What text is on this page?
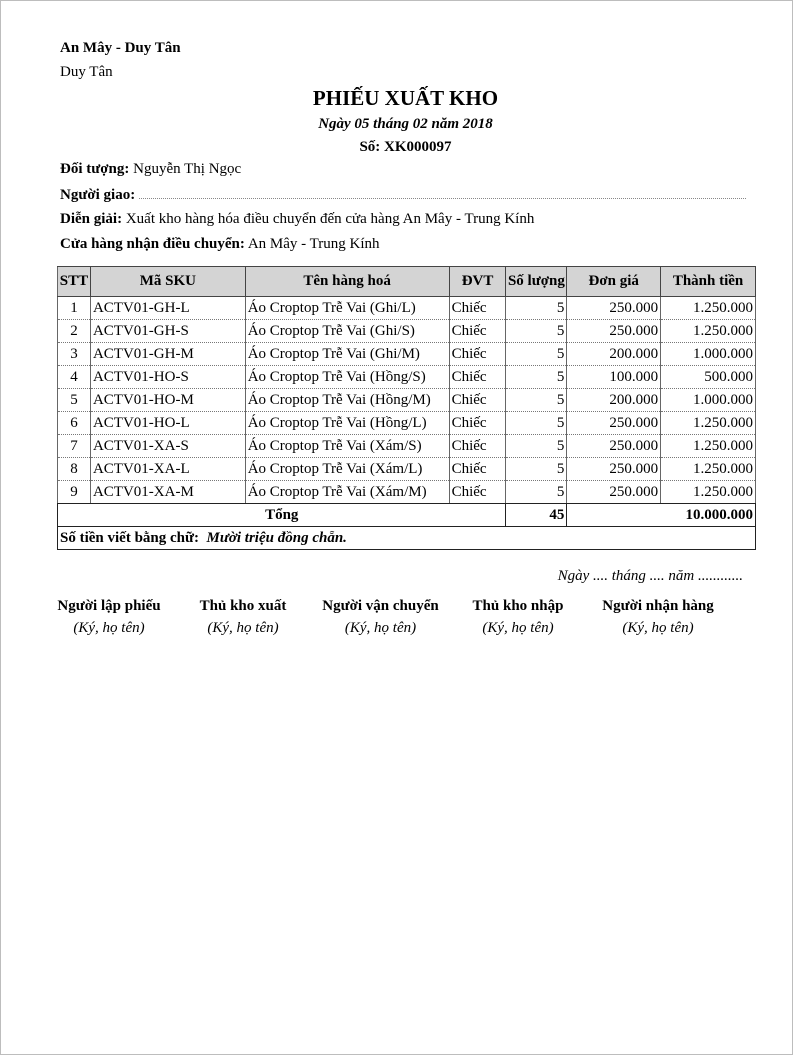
An Mây - Duy Tân
Duy Tân
PHIẾU XUẤT KHO
Ngày 05 tháng 02 năm 2018
Số: XK000097
Đối tượng: Nguyễn Thị Ngọc
Người giao:
Diễn giải: Xuất kho hàng hóa điều chuyển đến cửa hàng An Mây - Trung Kính
Cửa hàng nhận điều chuyển: An Mây - Trung Kính
STT	Mã SKU	Tên hàng hoá	ĐVT	Số lượng	Đơn giá	Thành tiền
1	ACTV01-GH-L	Áo Croptop Trễ Vai (Ghi/L)	Chiếc	5	250.000	1.250.000
2	ACTV01-GH-S	Áo Croptop Trễ Vai (Ghi/S)	Chiếc	5	250.000	1.250.000
3	ACTV01-GH-M	Áo Croptop Trễ Vai (Ghi/M)	Chiếc	5	200.000	1.000.000
4	ACTV01-HO-S	Áo Croptop Trễ Vai (Hồng/S)	Chiếc	5	100.000	500.000
5	ACTV01-HO-M	Áo Croptop Trễ Vai (Hồng/M)	Chiếc	5	200.000	1.000.000
6	ACTV01-HO-L	Áo Croptop Trễ Vai (Hồng/L)	Chiếc	5	250.000	1.250.000
7	ACTV01-XA-S	Áo Croptop Trễ Vai (Xám/S)	Chiếc	5	250.000	1.250.000
8	ACTV01-XA-L	Áo Croptop Trễ Vai (Xám/L)	Chiếc	5	250.000	1.250.000
9	ACTV01-XA-M	Áo Croptop Trễ Vai (Xám/M)	Chiếc	5	250.000	1.250.000
Tổng				45	10.000.000	
Số tiền viết bằng chữ: Mười triệu đồng chẵn.						
Ngày .... tháng .... năm ............
Người lập phiếu
(Ký, họ tên)
Thủ kho xuất
(Ký, họ tên)
Người vận chuyển
(Ký, họ tên)
Thủ kho nhập
(Ký, họ tên)
Người nhận hàng
(Ký, họ tên)
